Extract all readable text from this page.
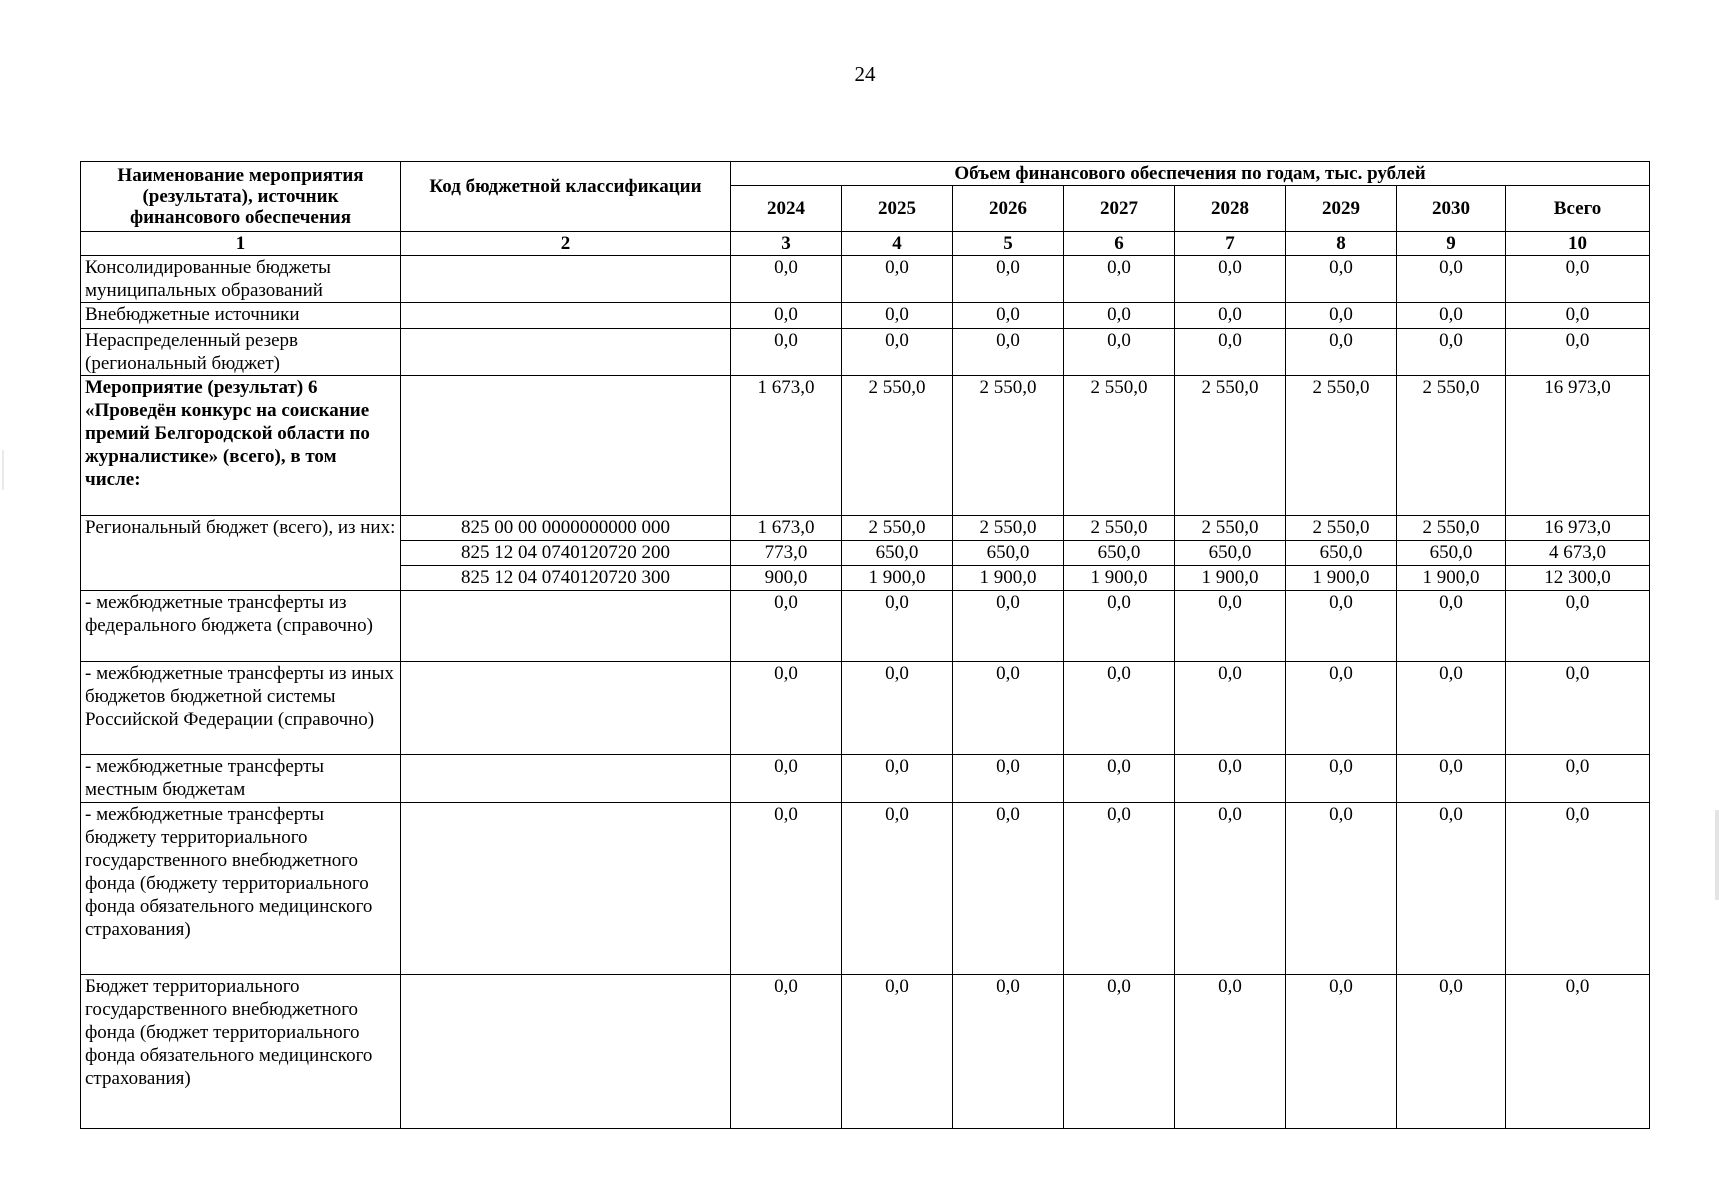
24
Наименование мероприятия (результата), источник финансового обеспечения	Код бюджетной классификации	Объем финансового обеспечения по годам, тыс. рублей							
		2024	2025	2026	2027	2028	2029	2030	Всего
1	2	3	4	5	6	7	8	9	10
Консолидированные бюджеты муниципальных образований		0,0	0,0	0,0	0,0	0,0	0,0	0,0	0,0
Внебюджетные источники		0,0	0,0	0,0	0,0	0,0	0,0	0,0	0,0
Нераспределенный резерв (региональный бюджет)		0,0	0,0	0,0	0,0	0,0	0,0	0,0	0,0
Мероприятие (результат) 6 «Проведён конкурс на соискание премий Белгородской области по журналистике» (всего), в том числе:		1 673,0	2 550,0	2 550,0	2 550,0	2 550,0	2 550,0	2 550,0	16 973,0
Региональный бюджет (всего), из них:	825 00 00 0000000000 000	1 673,0	2 550,0	2 550,0	2 550,0	2 550,0	2 550,0	2 550,0	16 973,0
	825 12 04 0740120720 200	773,0	650,0	650,0	650,0	650,0	650,0	650,0	4 673,0
	825 12 04 0740120720 300	900,0	1 900,0	1 900,0	1 900,0	1 900,0	1 900,0	1 900,0	12 300,0
- межбюджетные трансферты из федерального бюджета (справочно)		0,0	0,0	0,0	0,0	0,0	0,0	0,0	0,0
- межбюджетные трансферты из иных бюджетов бюджетной системы Российской Федерации (справочно)		0,0	0,0	0,0	0,0	0,0	0,0	0,0	0,0
- межбюджетные трансферты местным бюджетам		0,0	0,0	0,0	0,0	0,0	0,0	0,0	0,0
- межбюджетные трансферты бюджету территориального государственного внебюджетного фонда (бюджету территориального фонда обязательного медицинского страхования)		0,0	0,0	0,0	0,0	0,0	0,0	0,0	0,0
Бюджет территориального государственного внебюджетного фонда (бюджет территориального фонда обязательного медицинского страхования)		0,0	0,0	0,0	0,0	0,0	0,0	0,0	0,0
